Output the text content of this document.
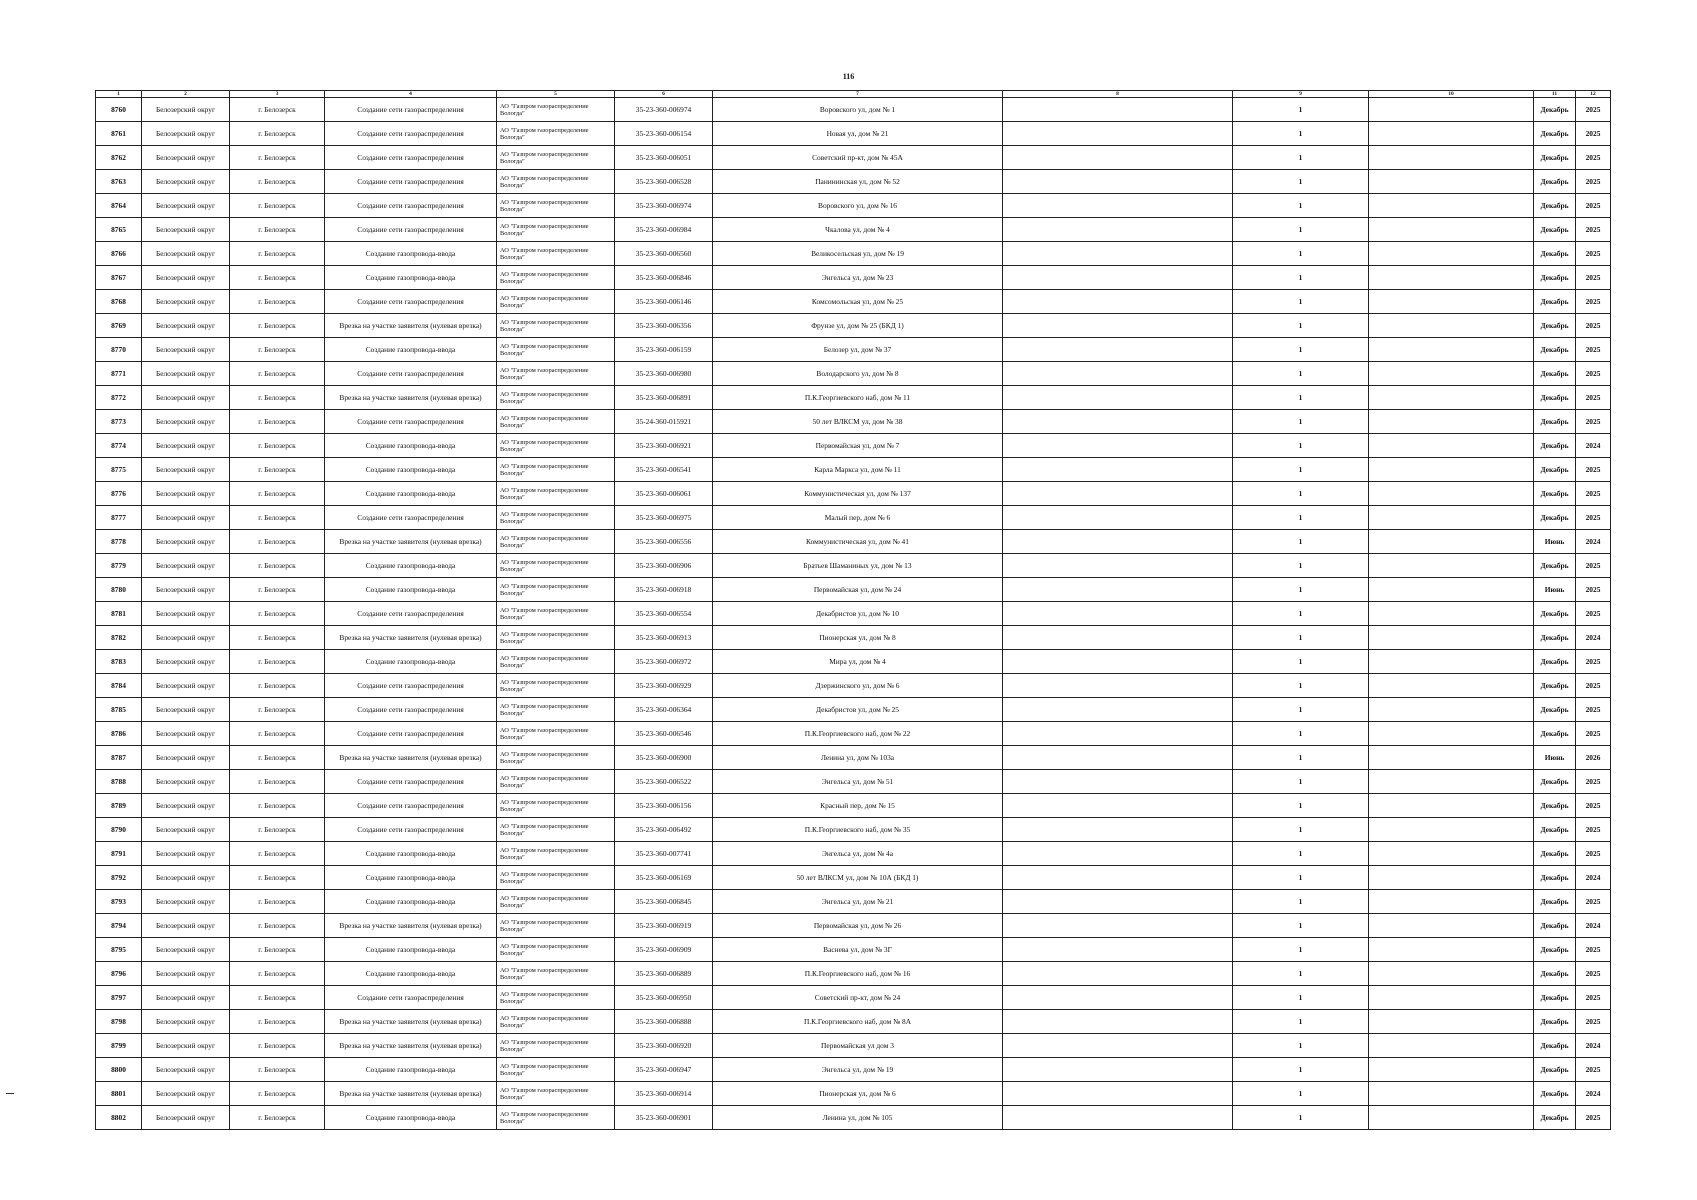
116
1	2	3	4	5	6	7	8	9	10	11	12
8760	Белозерский округ	г. Белозерск	Создание сети газораспределения	АО "Газпром газораспределение Вологда"	35-23-360-006974	Воровского ул, дом № 1		1		Декабрь	2025
8761	Белозерский округ	г. Белозерск	Создание сети газораспределения	АО "Газпром газораспределение Вологда"	35-23-360-006154	Новая ул, дом № 21		1		Декабрь	2025
8762	Белозерский округ	г. Белозерск	Создание сети газораспределения	АО "Газпром газораспределение Вологда"	35-23-360-006051	Советский пр-кт, дом № 45А		1		Декабрь	2025
8763	Белозерский округ	г. Белозерск	Создание сети газораспределения	АО "Газпром газораспределение Вологда"	35-23-360-006528	Панининская ул, дом № 52		1		Декабрь	2025
8764	Белозерский округ	г. Белозерск	Создание сети газораспределения	АО "Газпром газораспределение Вологда"	35-23-360-006974	Воровского ул, дом № 16		1		Декабрь	2025
8765	Белозерский округ	г. Белозерск	Создание сети газораспределения	АО "Газпром газораспределение Вологда"	35-23-360-006984	Чкалова ул, дом № 4		1		Декабрь	2025
8766	Белозерский округ	г. Белозерск	Создание газопровода-ввода	АО "Газпром газораспределение Вологда"	35-23-360-006560	Великосельская ул, дом № 19		1		Декабрь	2025
8767	Белозерский округ	г. Белозерск	Создание газопровода-ввода	АО "Газпром газораспределение Вологда"	35-23-360-006846	Энгельса ул, дом № 23		1		Декабрь	2025
8768	Белозерский округ	г. Белозерск	Создание сети газораспределения	АО "Газпром газораспределение Вологда"	35-23-360-006146	Комсомольская ул, дом № 25		1		Декабрь	2025
8769	Белозерский округ	г. Белозерск	Врезка на участке заявителя (нулевая врезка)	АО "Газпром газораспределение Вологда"	35-23-360-006356	Фрунзе ул, дом № 25 (БКД 1)		1		Декабрь	2025
8770	Белозерский округ	г. Белозерск	Создание газопровода-ввода	АО "Газпром газораспределение Вологда"	35-23-360-006159	Белозер ул, дом № 37		1		Декабрь	2025
8771	Белозерский округ	г. Белозерск	Создание сети газораспределения	АО "Газпром газораспределение Вологда"	35-23-360-006980	Володарского ул, дом № 8		1		Декабрь	2025
8772	Белозерский округ	г. Белозерск	Врезка на участке заявителя (нулевая врезка)	АО "Газпром газораспределение Вологда"	35-23-360-006891	П.К.Георгиевского наб, дом № 11		1		Декабрь	2025
8773	Белозерский округ	г. Белозерск	Создание сети газораспределения	АО "Газпром газораспределение Вологда"	35-24-360-015921	50 лет ВЛКСМ ул, дом № 38		1		Декабрь	2025
8774	Белозерский округ	г. Белозерск	Создание газопровода-ввода	АО "Газпром газораспределение Вологда"	35-23-360-006921	Первомайская ул, дом № 7		1		Декабрь	2024
8775	Белозерский округ	г. Белозерск	Создание газопровода-ввода	АО "Газпром газораспределение Вологда"	35-23-360-006541	Карла Маркса ул, дом № 11		1		Декабрь	2025
8776	Белозерский округ	г. Белозерск	Создание газопровода-ввода	АО "Газпром газораспределение Вологда"	35-23-360-006061	Коммунистическая ул, дом № 137		1		Декабрь	2025
8777	Белозерский округ	г. Белозерск	Создание сети газораспределения	АО "Газпром газораспределение Вологда"	35-23-360-006975	Малый пер, дом № 6		1		Декабрь	2025
8778	Белозерский округ	г. Белозерск	Врезка на участке заявителя (нулевая врезка)	АО "Газпром газораспределение Вологда"	35-23-360-006556	Коммунистическая ул, дом № 41		1		Июнь	2024
8779	Белозерский округ	г. Белозерск	Создание газопровода-ввода	АО "Газпром газораспределение Вологда"	35-23-360-006906	Братьев Шаманиных ул, дом № 13		1		Декабрь	2025
8780	Белозерский округ	г. Белозерск	Создание газопровода-ввода	АО "Газпром газораспределение Вологда"	35-23-360-006918	Первомайская ул, дом № 24		1		Июнь	2025
8781	Белозерский округ	г. Белозерск	Создание сети газораспределения	АО "Газпром газораспределение Вологда"	35-23-360-006554	Декабристов ул, дом № 10		1		Декабрь	2025
8782	Белозерский округ	г. Белозерск	Врезка на участке заявителя (нулевая врезка)	АО "Газпром газораспределение Вологда"	35-23-360-006913	Пионерская ул, дом № 8		1		Декабрь	2024
8783	Белозерский округ	г. Белозерск	Создание газопровода-ввода	АО "Газпром газораспределение Вологда"	35-23-360-006972	Мира ул, дом № 4		1		Декабрь	2025
8784	Белозерский округ	г. Белозерск	Создание сети газораспределения	АО "Газпром газораспределение Вологда"	35-23-360-006929	Дзержинского ул, дом № 6		1		Декабрь	2025
8785	Белозерский округ	г. Белозерск	Создание сети газораспределения	АО "Газпром газораспределение Вологда"	35-23-360-006364	Декабристов ул, дом № 25		1		Декабрь	2025
8786	Белозерский округ	г. Белозерск	Создание сети газораспределения	АО "Газпром газораспределение Вологда"	35-23-360-006546	П.К.Георгиевского наб, дом № 22		1		Декабрь	2025
8787	Белозерский округ	г. Белозерск	Врезка на участке заявителя (нулевая врезка)	АО "Газпром газораспределение Вологда"	35-23-360-006900	Ленина ул, дом № 103а		1		Июнь	2026
8788	Белозерский округ	г. Белозерск	Создание сети газораспределения	АО "Газпром газораспределение Вологда"	35-23-360-006522	Энгельса ул, дом № 51		1		Декабрь	2025
8789	Белозерский округ	г. Белозерск	Создание сети газораспределения	АО "Газпром газораспределение Вологда"	35-23-360-006156	Красный пер, дом № 15		1		Декабрь	2025
8790	Белозерский округ	г. Белозерск	Создание сети газораспределения	АО "Газпром газораспределение Вологда"	35-23-360-006492	П.К.Георгиевского наб, дом № 35		1		Декабрь	2025
8791	Белозерский округ	г. Белозерск	Создание газопровода-ввода	АО "Газпром газораспределение Вологда"	35-23-360-007741	Энгельса ул, дом № 4а		1		Декабрь	2025
8792	Белозерский округ	г. Белозерск	Создание газопровода-ввода	АО "Газпром газораспределение Вологда"	35-23-360-006169	50 лет ВЛКСМ ул, дом № 10А (БКД 1)		1		Декабрь	2024
8793	Белозерский округ	г. Белозерск	Создание газопровода-ввода	АО "Газпром газораспределение Вологда"	35-23-360-006845	Энгельса ул, дом № 21		1		Декабрь	2025
8794	Белозерский округ	г. Белозерск	Врезка на участке заявителя (нулевая врезка)	АО "Газпром газораспределение Вологда"	35-23-360-006919	Первомайская ул, дом № 26		1		Декабрь	2024
8795	Белозерский округ	г. Белозерск	Создание газопровода-ввода	АО "Газпром газораспределение Вологда"	35-23-360-006909	Васнева ул, дом № 3Г		1		Декабрь	2025
8796	Белозерский округ	г. Белозерск	Создание газопровода-ввода	АО "Газпром газораспределение Вологда"	35-23-360-006889	П.К.Георгиевского наб, дом № 16		1		Декабрь	2025
8797	Белозерский округ	г. Белозерск	Создание сети газораспределения	АО "Газпром газораспределение Вологда"	35-23-360-006950	Советский пр-кт, дом № 24		1		Декабрь	2025
8798	Белозерский округ	г. Белозерск	Врезка на участке заявителя (нулевая врезка)	АО "Газпром газораспределение Вологда"	35-23-360-006888	П.К.Георгиевского наб, дом № 8А		1		Декабрь	2025
8799	Белозерский округ	г. Белозерск	Врезка на участке заявителя (нулевая врезка)	АО "Газпром газораспределение Вологда"	35-23-360-006920	Первомайская ул дом 3		1		Декабрь	2024
8800	Белозерский округ	г. Белозерск	Создание газопровода-ввода	АО "Газпром газораспределение Вологда"	35-23-360-006947	Энгельса ул, дом № 19		1		Декабрь	2025
8801	Белозерский округ	г. Белозерск	Врезка на участке заявителя (нулевая врезка)	АО "Газпром газораспределение Вологда"	35-23-360-006914	Пионерская ул, дом № 6		1		Декабрь	2024
8802	Белозерский округ	г. Белозерск	Создание газопровода-ввода	АО "Газпром газораспределение Вологда"	35-23-360-006901	Ленина ул, дом № 105		1		Декабрь	2025
